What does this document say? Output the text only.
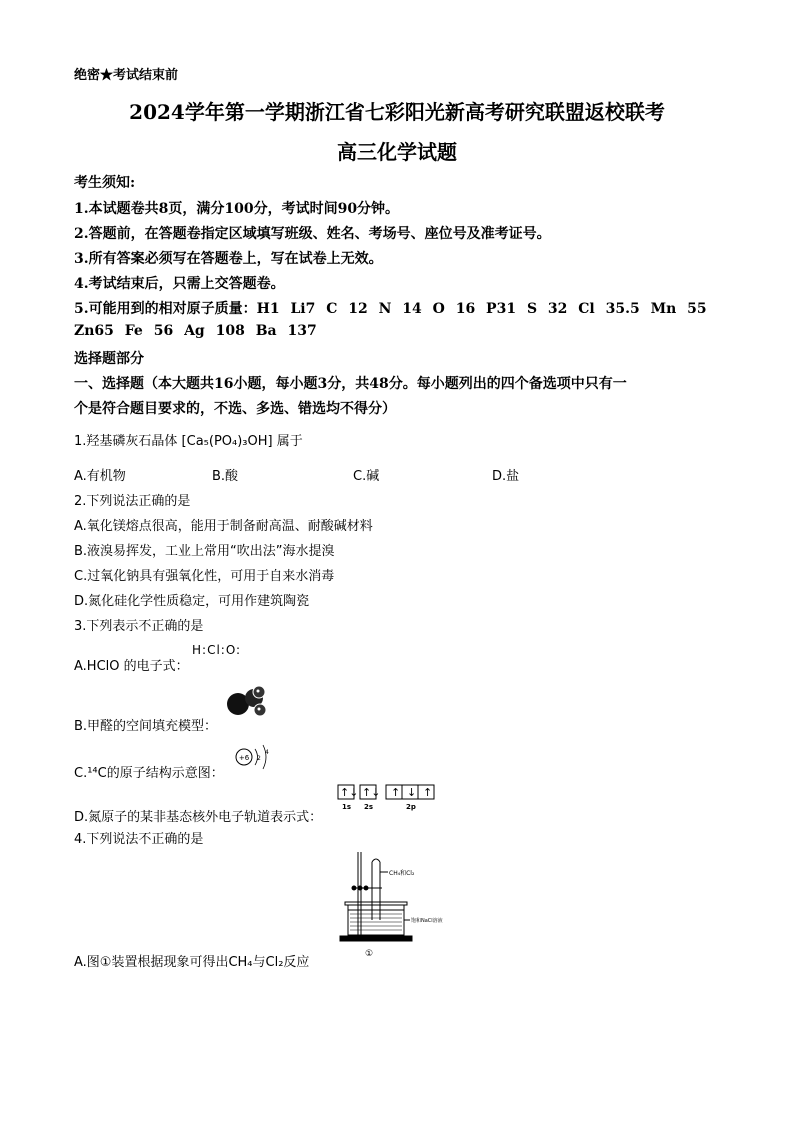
绝密★考试结束前
2024学年第一学期浙江省七彩阳光新高考研究联盟返校联考
高三化学试题
考生须知:
1.本试题卷共8页，满分100分，考试时间90分钟。
2.答题前，在答题卷指定区域填写班级、姓名、考场号、座位号及准考证号。
3.所有答案必须写在答题卷上，写在试卷上无效。
4.考试结束后，只需上交答题卷。
5.可能用到的相对原子质量：H1 Li7 C 12 N 14 O 16 P31 S 32 Cl 35.5 Mn 55
Zn65 Fe 56 Ag 108 Ba 137
选择题部分
一、选择题（本大题共16小题，每小题3分，共48分。每小题列出的四个备选项中只有一
个是符合题目要求的，不选、多选、错选均不得分）
1.羟基磷灰石晶体 [Ca₅(PO₄)₃OH] 属于
A.有机物	B.酸	C.碱	D.盐
2.下列说法正确的是
A.氧化镁熔点很高，能用于制备耐高温、耐酸碱材料
B.液溴易挥发，工业上常用“吹出法”海水提溴
C.过氧化钠具有强氧化性，可用于自来水消毒
D.氮化硅化学性质稳定，可用作建筑陶瓷
3.下列表示不正确的是
A.HClO 的电子式：
H:Cl:O:
B.甲醛的空间填充模型：
C.¹⁴C的原子结构示意图：
+6 2
4
D.氮原子的某非基态核外电子轨道表示式：
↑↓ ↑↓ ↑ ↓ ↑
1s 2s	2p
4.下列说法不正确的是
CH₄和Cl₂
饱和NaCl溶液
①
A.图①装置根据现象可得出CH₄与Cl₂反应
